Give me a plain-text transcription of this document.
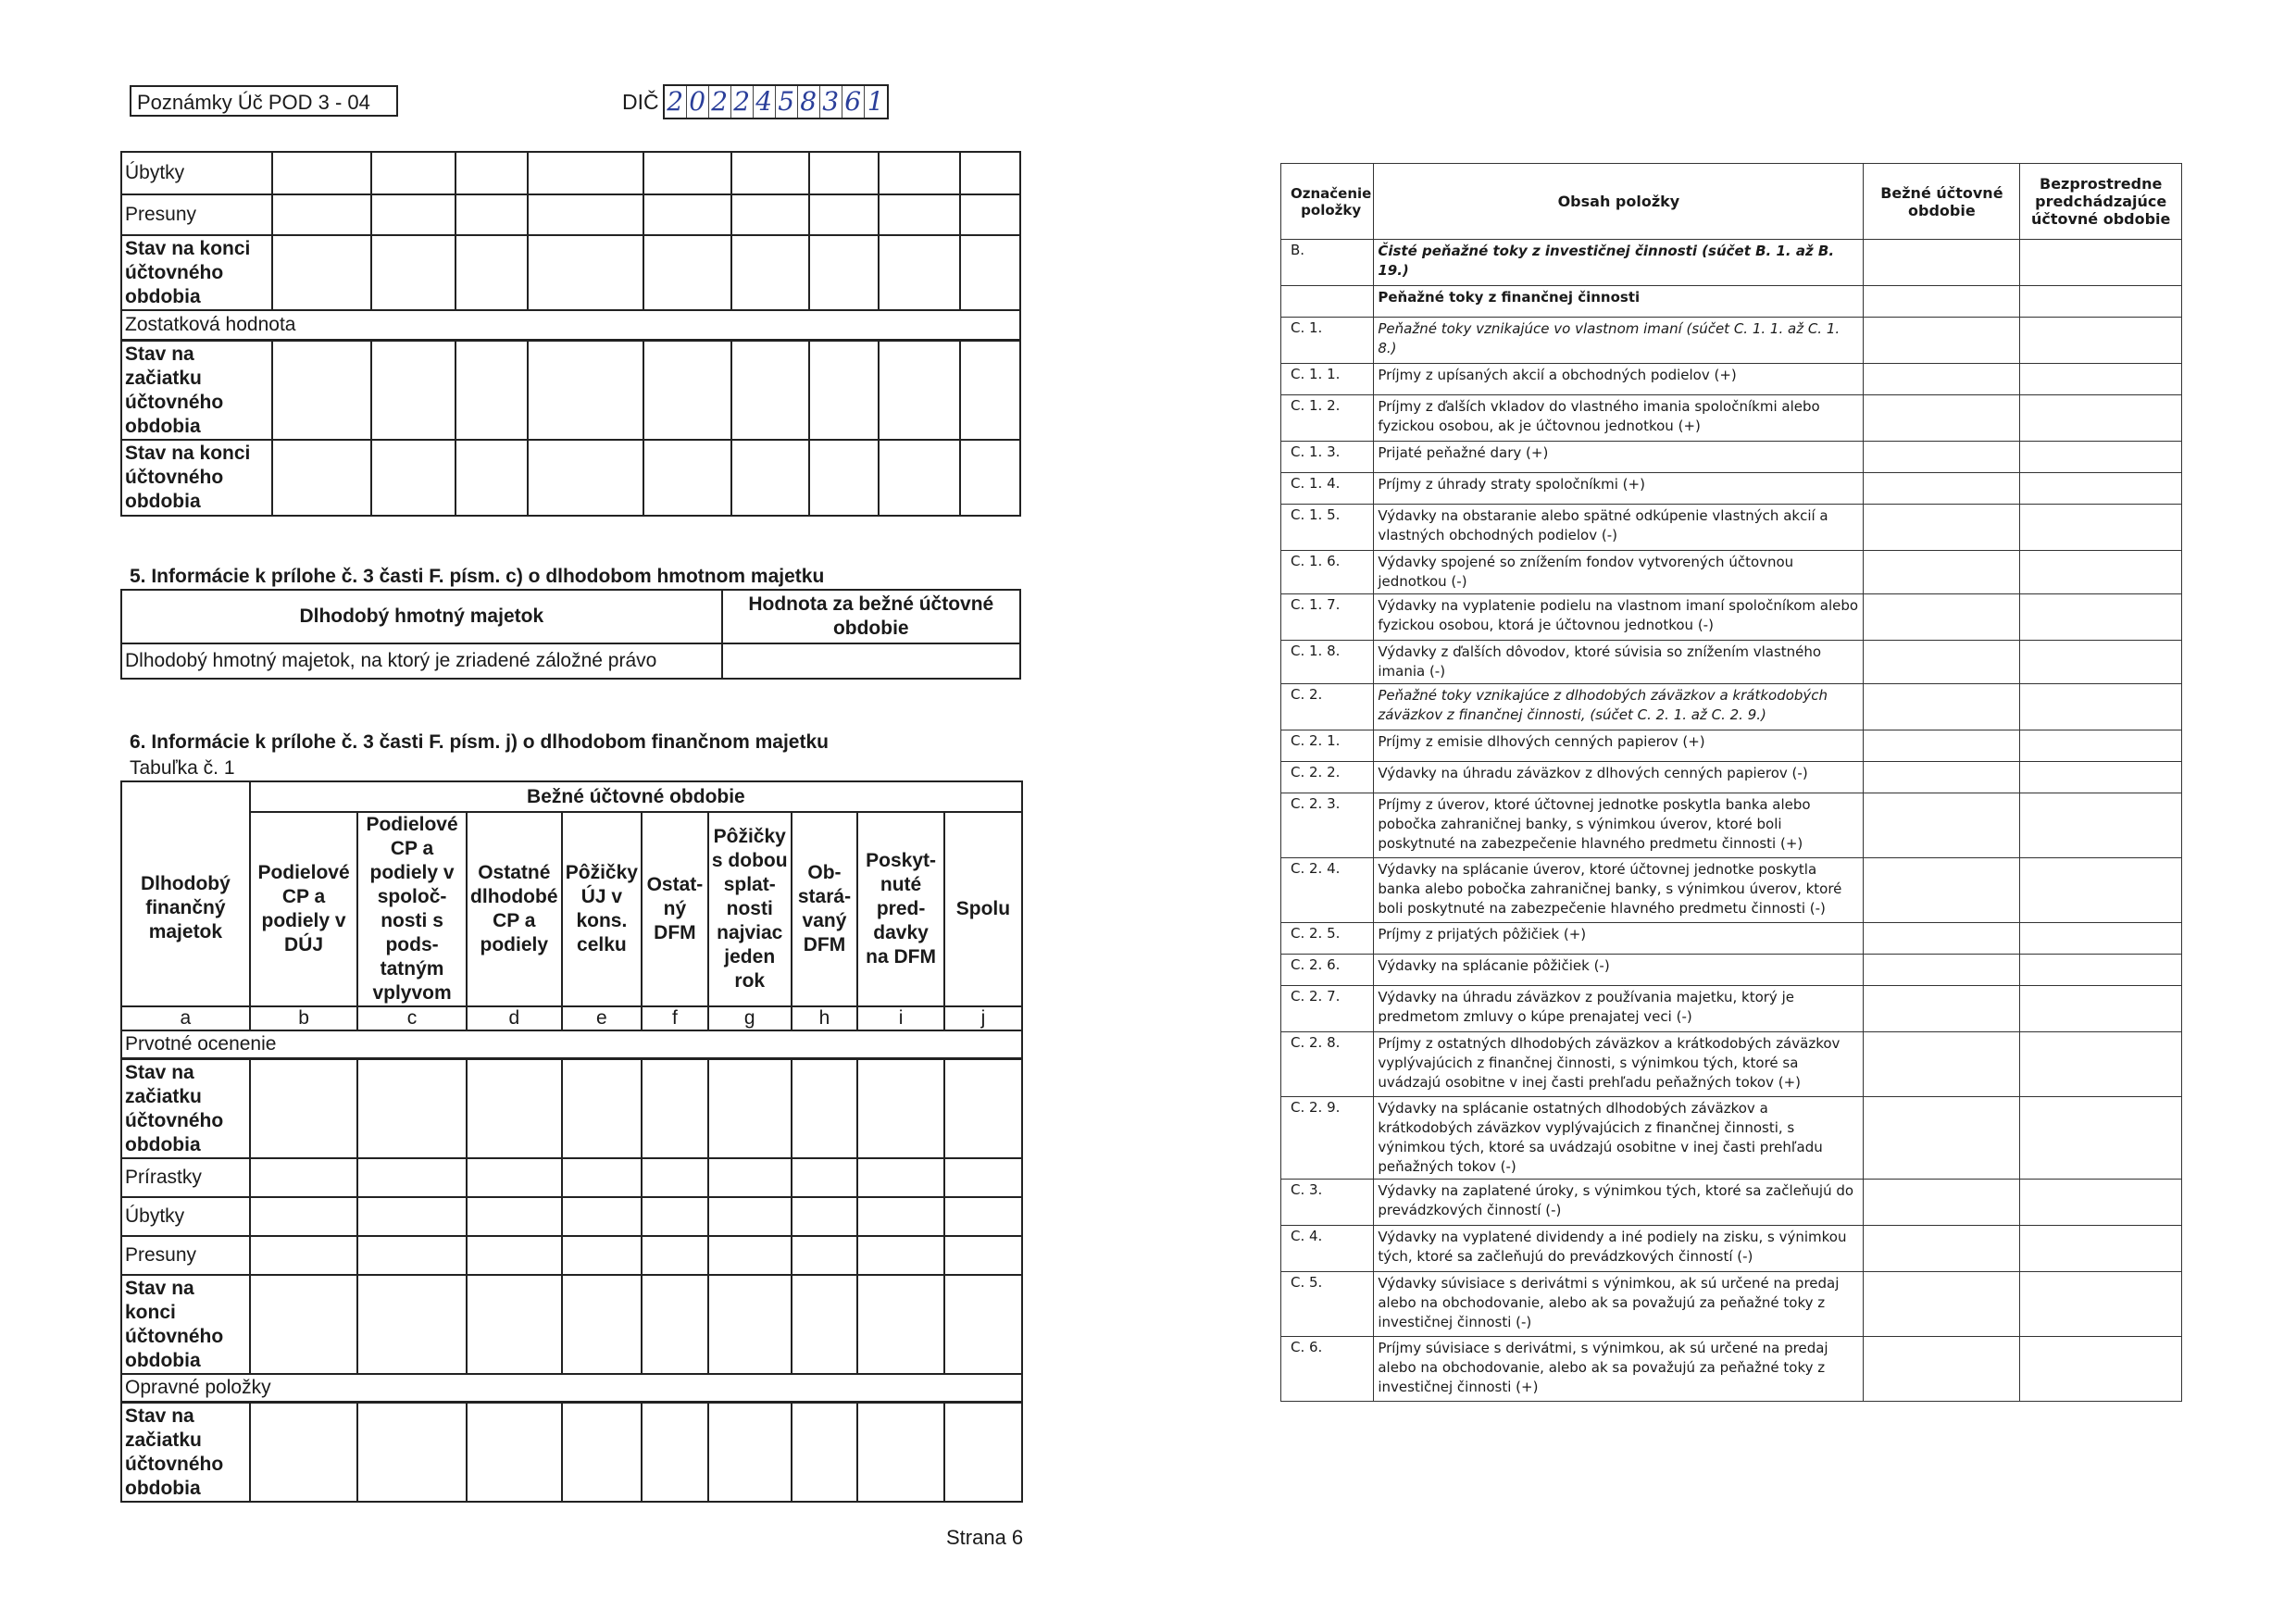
Poznámky Úč POD 3 - 04	DIČ 2 0 2 2 4 5 8 3 6 1
Úbytky									
Presuny									
Stav na konci účtovného obdobia									
Zostatková hodnota									
Stav na začiatku účtovného obdobia									
Stav na konci účtovného obdobia									
5. Informácie k prílohe č. 3 časti F. písm. c) o dlhodobom hmotnom majetku
Dlhodobý hmotný majetok	Hodnota za bežné účtovné obdobie
Dlhodobý hmotný majetok, na ktorý je zriadené záložné právo	
6. Informácie k prílohe č. 3 časti F. písm. j) o dlhodobom finančnom majetku
Tabuľka č. 1
Dlhodobý finančný majetok	Bežné účtovné obdobie								
	Podielové CP a podiely v DÚJ	Podielové CP a podiely v spoloč- nosti s pods- tatným vplyvom	Ostatné dlhodobé CP a podiely	Pôžičky ÚJ v kons. celku	Ostat- ný DFM	Pôžičky s dobou splat- nosti najviac jeden rok	Ob- stará- vaný DFM	Poskyt- nuté pred- davky na DFM	Spolu
a	b	c	d	e	f	g	h	i	j
Prvotné ocenenie									
Stav na začiatku účtovného obdobia									
Prírastky									
Úbytky									
Presuny									
Stav na konci účtovného obdobia									
Opravné položky									
Stav na začiatku účtovného obdobia									
Strana 6
Označenie položky	Obsah položky	Bežné účtovné obdobie	Bezprostredne predchádzajúce účtovné obdobie
B.	Čisté peňažné toky z investičnej činnosti (súčet B. 1. až B. 19.)		
	Peňažné toky z finančnej činnosti		
C. 1.	Peňažné toky vznikajúce vo vlastnom imaní (súčet C. 1. 1. až C. 1. 8.)		
C. 1. 1.	Príjmy z upísaných akcií a obchodných podielov (+)		
C. 1. 2.	Príjmy z ďalších vkladov do vlastného imania spoločníkmi alebo fyzickou osobou, ak je účtovnou jednotkou (+)		
C. 1. 3.	Prijaté peňažné dary (+)		
C. 1. 4.	Príjmy z úhrady straty spoločníkmi (+)		
C. 1. 5.	Výdavky na obstaranie alebo spätné odkúpenie vlastných akcií a vlastných obchodných podielov (-)		
C. 1. 6.	Výdavky spojené so znížením fondov vytvorených účtovnou jednotkou (-)		
C. 1. 7.	Výdavky na vyplatenie podielu na vlastnom imaní spoločníkom alebo fyzickou osobou, ktorá je účtovnou jednotkou (-)		
C. 1. 8.	Výdavky z ďalších dôvodov, ktoré súvisia so znížením vlastného imania (-)		
C. 2.	Peňažné toky vznikajúce z dlhodobých záväzkov a krátkodobých záväzkov z finančnej činnosti, (súčet C. 2. 1. až C. 2. 9.)		
C. 2. 1.	Príjmy z emisie dlhových cenných papierov (+)		
C. 2. 2.	Výdavky na úhradu záväzkov z dlhových cenných papierov (-)		
C. 2. 3.	Príjmy z úverov, ktoré účtovnej jednotke poskytla banka alebo pobočka zahraničnej banky, s výnimkou úverov, ktoré boli poskytnuté na zabezpečenie hlavného predmetu činnosti (+)		
C. 2. 4.	Výdavky na splácanie úverov, ktoré účtovnej jednotke poskytla banka alebo pobočka zahraničnej banky, s výnimkou úverov, ktoré boli poskytnuté na zabezpečenie hlavného predmetu činnosti (-)		
C. 2. 5.	Príjmy z prijatých pôžičiek (+)		
C. 2. 6.	Výdavky na splácanie pôžičiek (-)		
C. 2. 7.	Výdavky na úhradu záväzkov z používania majetku, ktorý je predmetom zmluvy o kúpe prenajatej veci (-)		
C. 2. 8.	Príjmy z ostatných dlhodobých záväzkov a krátkodobých záväzkov vyplývajúcich z finančnej činnosti, s výnimkou tých, ktoré sa uvádzajú osobitne v inej časti prehľadu peňažných tokov (+)		
C. 2. 9.	Výdavky na splácanie ostatných dlhodobých záväzkov a krátkodobých záväzkov vyplývajúcich z finančnej činnosti, s výnimkou tých, ktoré sa uvádzajú osobitne v inej časti prehľadu peňažných tokov (-)		
C. 3.	Výdavky na zaplatené úroky, s výnimkou tých, ktoré sa začleňujú do prevádzkových činností (-)		
C. 4.	Výdavky na vyplatené dividendy a iné podiely na zisku, s výnimkou tých, ktoré sa začleňujú do prevádzkových činností (-)		
C. 5.	Výdavky súvisiace s derivátmi s výnimkou, ak sú určené na predaj alebo na obchodovanie, alebo ak sa považujú za peňažné toky z investičnej činnosti (-)		
C. 6.	Príjmy súvisiace s derivátmi, s výnimkou, ak sú určené na predaj alebo na obchodovanie, alebo ak sa považujú za peňažné toky z investičnej činnosti (+)		
